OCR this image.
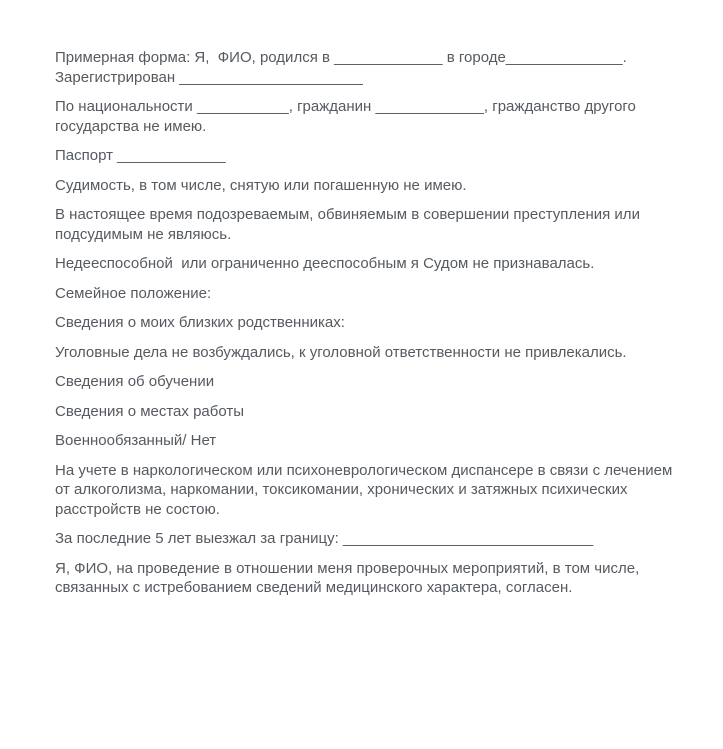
Примерная форма: Я,  ФИО, родился в _____________ в городе______________.
Зарегистрирован ______________________

По национальности ___________, гражданин _____________, гражданство другого государства не имею.

Паспорт _____________

Судимость, в том числе, снятую или погашенную не имею.

В настоящее время подозреваемым, обвиняемым в совершении преступления или подсудимым не являюсь.

Недееспособной  или ограниченно дееспособным я Судом не признавалась.

Семейное положение:

Сведения о моих близких родственниках:

Уголовные дела не возбуждались, к уголовной ответственности не привлекались.

Сведения об обучении

Сведения о местах работы

Военнообязанный/ Нет

На учете в наркологическом или психоневрологическом диспансере в связи с лечением от алкоголизма, наркомании, токсикомании, хронических и затяжных психических расстройств не состою.

За последние 5 лет выезжал за границу: ______________________________

Я, ФИО, на проведение в отношении меня проверочных мероприятий, в том числе, связанных с истребованием сведений медицинского характера, согласен.
